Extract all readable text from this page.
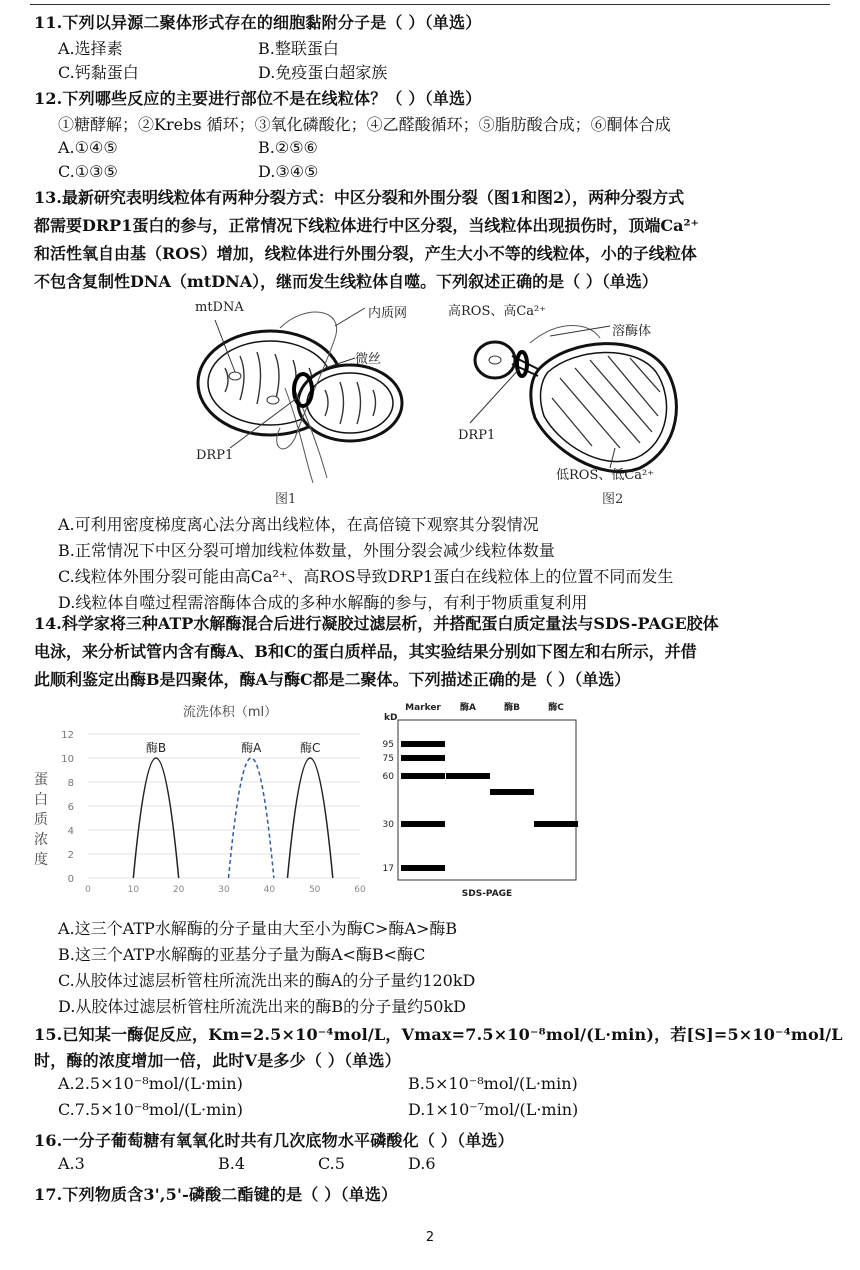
11.下列以异源二聚体形式存在的细胞黏附分子是（ ）（单选）
A.选择素	B.整联蛋白
C.钙黏蛋白	D.免疫蛋白超家族
12.下列哪些反应的主要进行部位不是在线粒体？（ ）（单选）
①糖酵解；②Krebs 循环；③氧化磷酸化；④乙醛酸循环；⑤脂肪酸合成；⑥酮体合成
A.①④⑤	B.②⑤⑥
C.①③⑤	D.③④⑤
13.最新研究表明线粒体有两种分裂方式：中区分裂和外围分裂（图1和图2），两种分裂方式
都需要DRP1蛋白的参与，正常情况下线粒体进行中区分裂，当线粒体出现损伤时，顶端Ca²⁺
和活性氧自由基（ROS）增加，线粒体进行外围分裂，产生大小不等的线粒体，小的子线粒体
不包含复制性DNA（mtDNA），继而发生线粒体自噬。下列叙述正确的是（ ）（单选）
mtDNA	内质网
微丝
DRP1
图1
高ROS、高Ca²⁺
溶酶体
DRP1
低ROS、低Ca²⁺
图2
A.可利用密度梯度离心法分离出线粒体，在高倍镜下观察其分裂情况
B.正常情况下中区分裂可增加线粒体数量，外围分裂会减少线粒体数量
C.线粒体外围分裂可能由高Ca²⁺、高ROS导致DRP1蛋白在线粒体上的位置不同而发生
D.线粒体自噬过程需溶酶体合成的多种水解酶的参与，有利于物质重复利用
14.科学家将三种ATP水解酶混合后进行凝胶过滤层析，并搭配蛋白质定量法与SDS-PAGE胶体
电泳，来分析试管内含有酶A、B和C的蛋白质样品，其实验结果分别如下图左和右所示，并借
此顺利鉴定出酶B是四聚体，酶A与酶C都是二聚体。下列描述正确的是（ ）（单选）
流洗体积（ml）
0	10	20	30	40	50	60
0
2
4
6
8
10
12
酶B	酶A	酶C
蛋白质浓度
kD
Marker 酶A	酶B	酶C
95
75
60
30
17
SDS-PAGE
A.这三个ATP水解酶的分子量由大至小为酶C>酶A>酶B
B.这三个ATP水解酶的亚基分子量为酶A<酶B<酶C
C.从胶体过滤层析管柱所流洗出来的酶A的分子量约120kD
D.从胶体过滤层析管柱所流洗出来的酶B的分子量约50kD
15.已知某一酶促反应，Km=2.5×10⁻⁴mol/L，Vmax=7.5×10⁻⁸mol/(L·min)，若[S]=5×10⁻⁴mol/L
时，酶的浓度增加一倍，此时V是多少（ ）（单选）
A.2.5×10⁻⁸mol/(L·min)	B.5×10⁻⁸mol/(L·min)
C.7.5×10⁻⁸mol/(L·min)	D.1×10⁻⁷mol/(L·min)
16.一分子葡萄糖有氧氧化时共有几次底物水平磷酸化（ ）（单选）
A.3	B.4	C.5	D.6
17.下列物质含3',5'-磷酸二酯键的是（ ）（单选）
2
